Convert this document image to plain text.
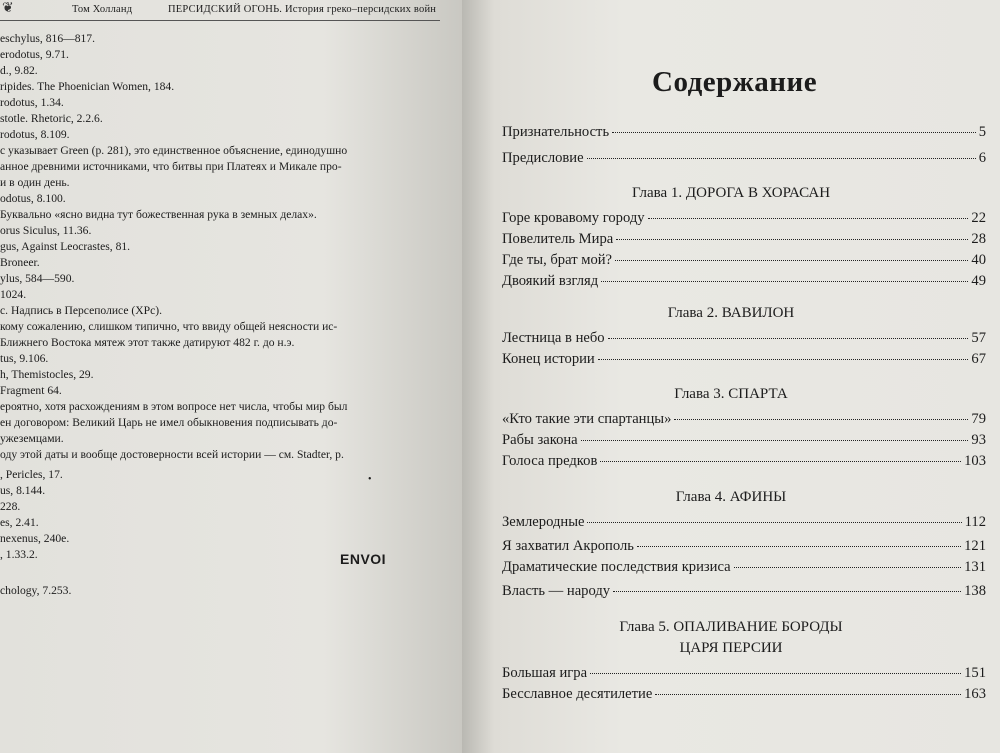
❦	Том Холланд	ПЕРСИДСКИЙ ОГОНЬ. История греко–персидских войн
eschylus, 816—817.
erodotus, 9.71.
d., 9.82.
ripides. The Phoenician Women, 184.
rodotus, 1.34.
stotle. Rhetoric, 2.2.6.
rodotus, 8.109.
с указывает Green (р. 281), это единственное объяснение, единодушно
анное древними источниками, что битвы при Платеях и Микале про-
и в один день.
odotus, 8.100.
Буквально «ясно видна тут божественная рука в земных делах».
orus Siculus, 11.36.
gus, Against Leocrastes, 81.
Broneer.
ylus, 584—590.
1024.
с. Надпись в Персеполисе (ХРс).
кому сожалению, слишком типично, что ввиду общей неясности ис-
Ближнего Востока мятеж этот также датируют 482 г. до н.э.
tus, 9.106.
h, Themistocles, 29.
Fragment 64.
ероятно, хотя расхождениям в этом вопросе нет числа, чтобы мир был
ен договором: Великий Царь не имел обыкновения подписывать до-
ужеземцами.
оду этой даты и вообще достоверности всей истории — см. Stadter, р.
, Pericles, 17.
us, 8.144.
228.
es, 2.41.
nexenus, 240e.
, 1.33.2.
chology, 7.253.
•
ENVOI
Содержание
Признательность	5
Предисловие	6
Глава 1. ДОРОГА В ХОРАСАН
Горе кровавому городу	22
Повелитель Мира	28
Где ты, брат мой?	40
Двоякий взгляд	49
Глава 2. ВАВИЛОН
Лестница в небо	57
Конец истории	67
Глава 3. СПАРТА
«Кто такие эти спартанцы»	79
Рабы закона	93
Голоса предков	103
Глава 4. АФИНЫ
Землеродные	112
Я захватил Акрополь	121
Драматические последствия кризиса	131
Власть — народу	138
Глава 5. ОПАЛИВАНИЕ БОРОДЫ
ЦАРЯ ПЕРСИИ
Большая игра	151
Бесславное десятилетие	163
